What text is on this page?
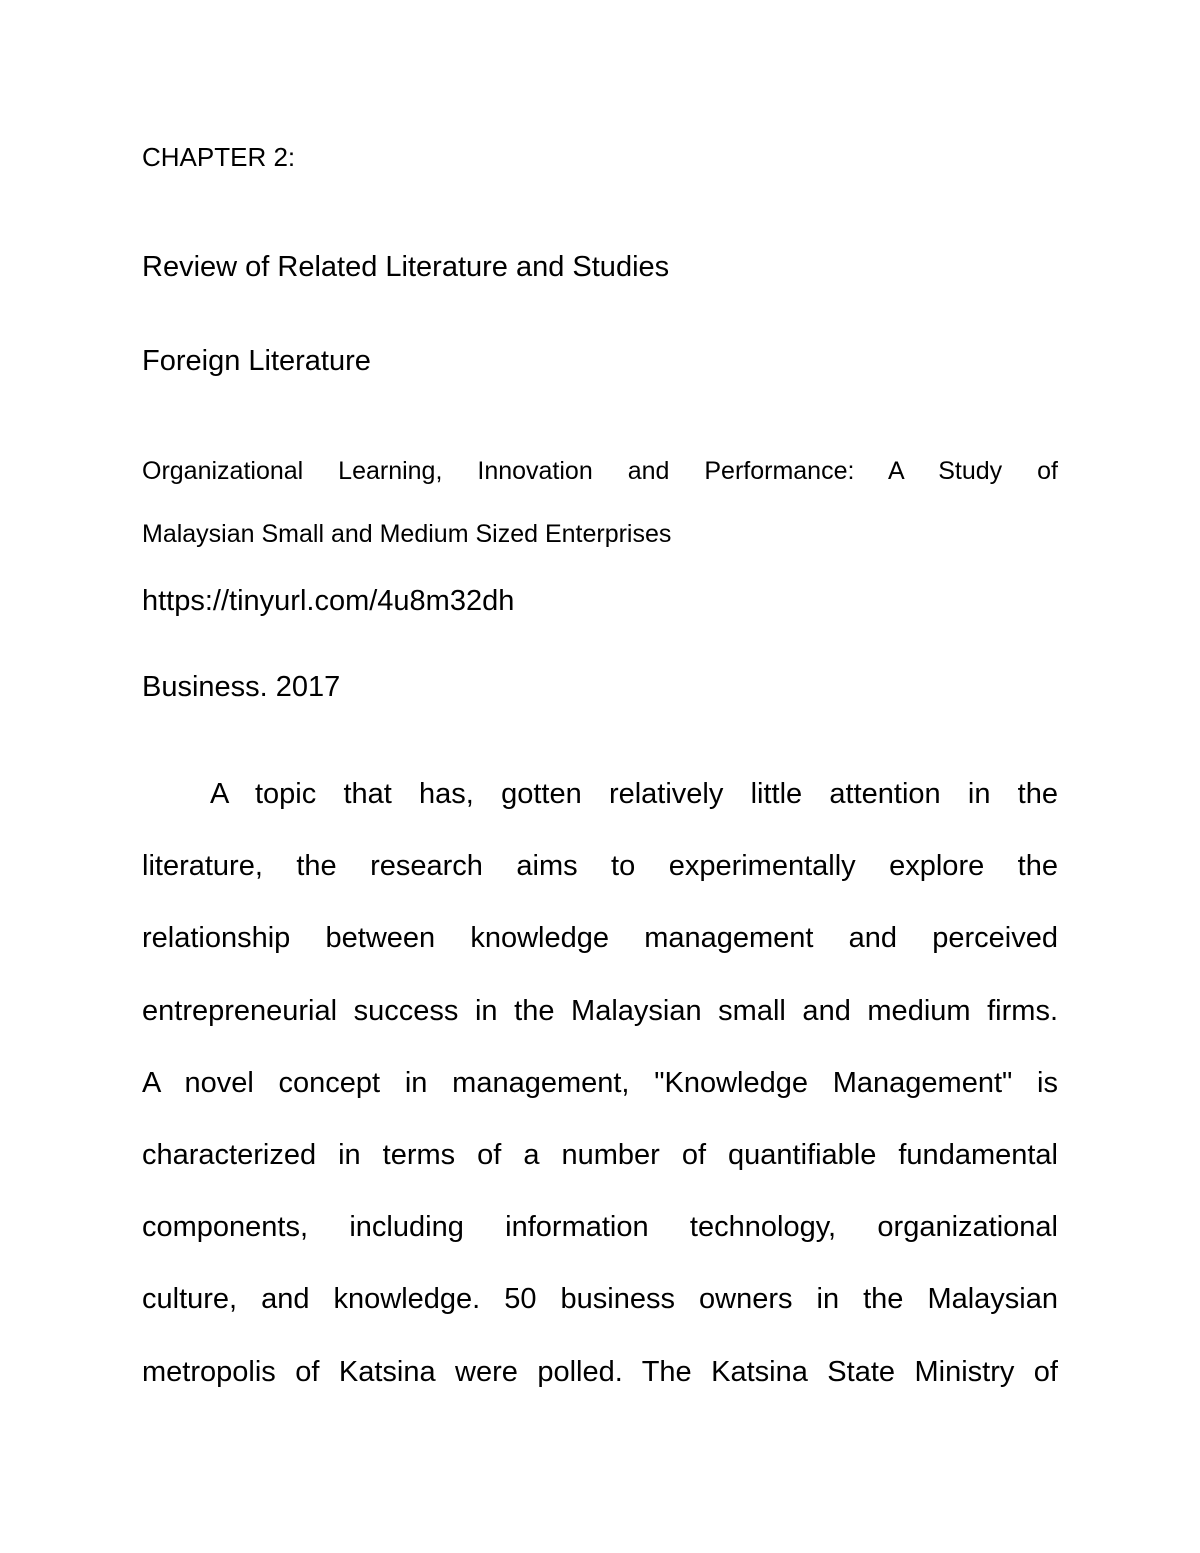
CHAPTER 2:
Review of Related Literature and Studies
Foreign Literature
Organizational Learning, Innovation and Performance: A Study of
Malaysian Small and Medium Sized Enterprises
https://tinyurl.com/4u8m32dh
Business. 2017
A topic that has, gotten relatively little attention in the
literature, the research aims to experimentally explore the
relationship between knowledge management and perceived
entrepreneurial success in the Malaysian small and medium firms.
A novel concept in management, "Knowledge Management" is
characterized in terms of a number of quantifiable fundamental
components, including information technology, organizational
culture, and knowledge. 50 business owners in the Malaysian
metropolis of Katsina were polled. The Katsina State Ministry of
